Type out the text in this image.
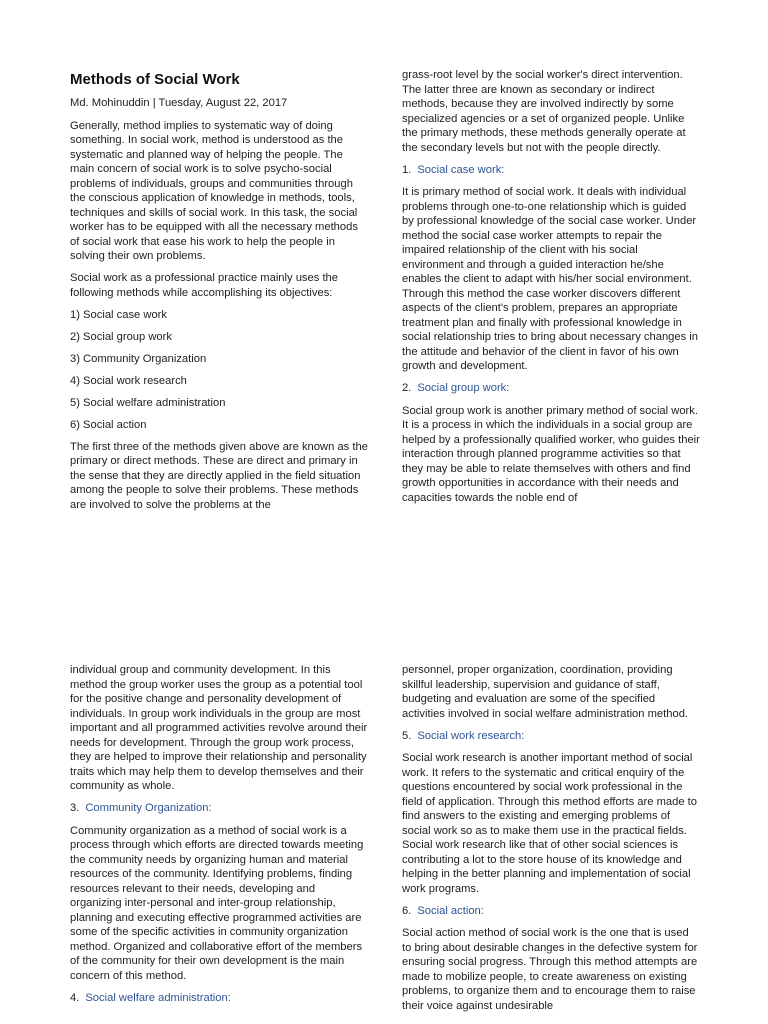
Methods of Social Work

Md. Mohinuddin | Tuesday, August 22, 2017

Generally, method implies to systematic way of doing something. In social work, method is understood as the systematic and planned way of helping the people. The main concern of social work is to solve psycho-social problems of individuals, groups and communities through the conscious application of knowledge in methods, tools, techniques and skills of social work. In this task, the social worker has to be equipped with all the necessary methods of social work that ease his work to help the people in solving their own problems.

Social work as a professional practice mainly uses the following methods while accomplishing its objectives:

1) Social case work

2) Social group work

3) Community Organization

4) Social work research

5) Social welfare administration

6) Social action

The first three of the methods given above are known as the primary or direct methods. These are direct and primary in the sense that they are directly applied in the field situation among the people to solve their problems. These methods are involved to solve the problems at the

grass-root level by the social worker's direct intervention. The latter three are known as secondary or indirect methods, because they are involved indirectly by some specialized agencies or a set of organized people. Unlike the primary methods, these methods generally operate at the secondary levels but not with the people directly.

1. Social case work:

It is primary method of social work. It deals with individual problems through one-to-one relationship which is guided by professional knowledge of the social case worker. Under method the social case worker attempts to repair the impaired relationship of the client with his social environment and through a guided interaction he/she enables the client to adapt with his/her social environment. Through this method the case worker discovers different aspects of the client's problem, prepares an appropriate treatment plan and finally with professional knowledge in social relationship tries to bring about necessary changes in the attitude and behavior of the client in favor of his own growth and development.

2. Social group work:

Social group work is another primary method of social work. It is a process in which the individuals in a social group are helped by a professionally qualified worker, who guides their interaction through planned programme activities so that they may be able to relate themselves with others and find growth opportunities in accordance with their needs and capacities towards the noble end of

individual group and community development. In this method the group worker uses the group as a potential tool for the positive change and personality development of individuals. In group work individuals in the group are most important and all programmed activities revolve around their needs for development. Through the group work process, they are helped to improve their relationship and personality traits which may help them to develop themselves and their community as whole.

3. Community Organization:

Community organization as a method of social work is a process through which efforts are directed towards meeting the community needs by organizing human and material resources of the community. Identifying problems, finding resources relevant to their needs, developing and organizing inter-personal and inter-group relationship, planning and executing effective programmed activities are some of the specific activities in community organization method. Organized and collaborative effort of the members of the community for their own development is the main concern of this method.

4. Social welfare administration:

personnel, proper organization, coordination, providing skillful leadership, supervision and guidance of staff, budgeting and evaluation are some of the specified activities involved in social welfare administration method.

5. Social work research:

Social work research is another important method of social work. It refers to the systematic and critical enquiry of the questions encountered by social work professional in the field of application. Through this method efforts are made to find answers to the existing and emerging problems of social work so as to make them use in the practical fields. Social work research like that of other social sciences is contributing a lot to the store house of its knowledge and helping in the better planning and implementation of social work programs.

6. Social action:

Social action method of social work is the one that is used to bring about desirable changes in the defective system for ensuring social progress. Through this method attempts are made to mobilize people, to create awareness on existing problems, to organize them and to encourage them to raise their voice against undesirable
